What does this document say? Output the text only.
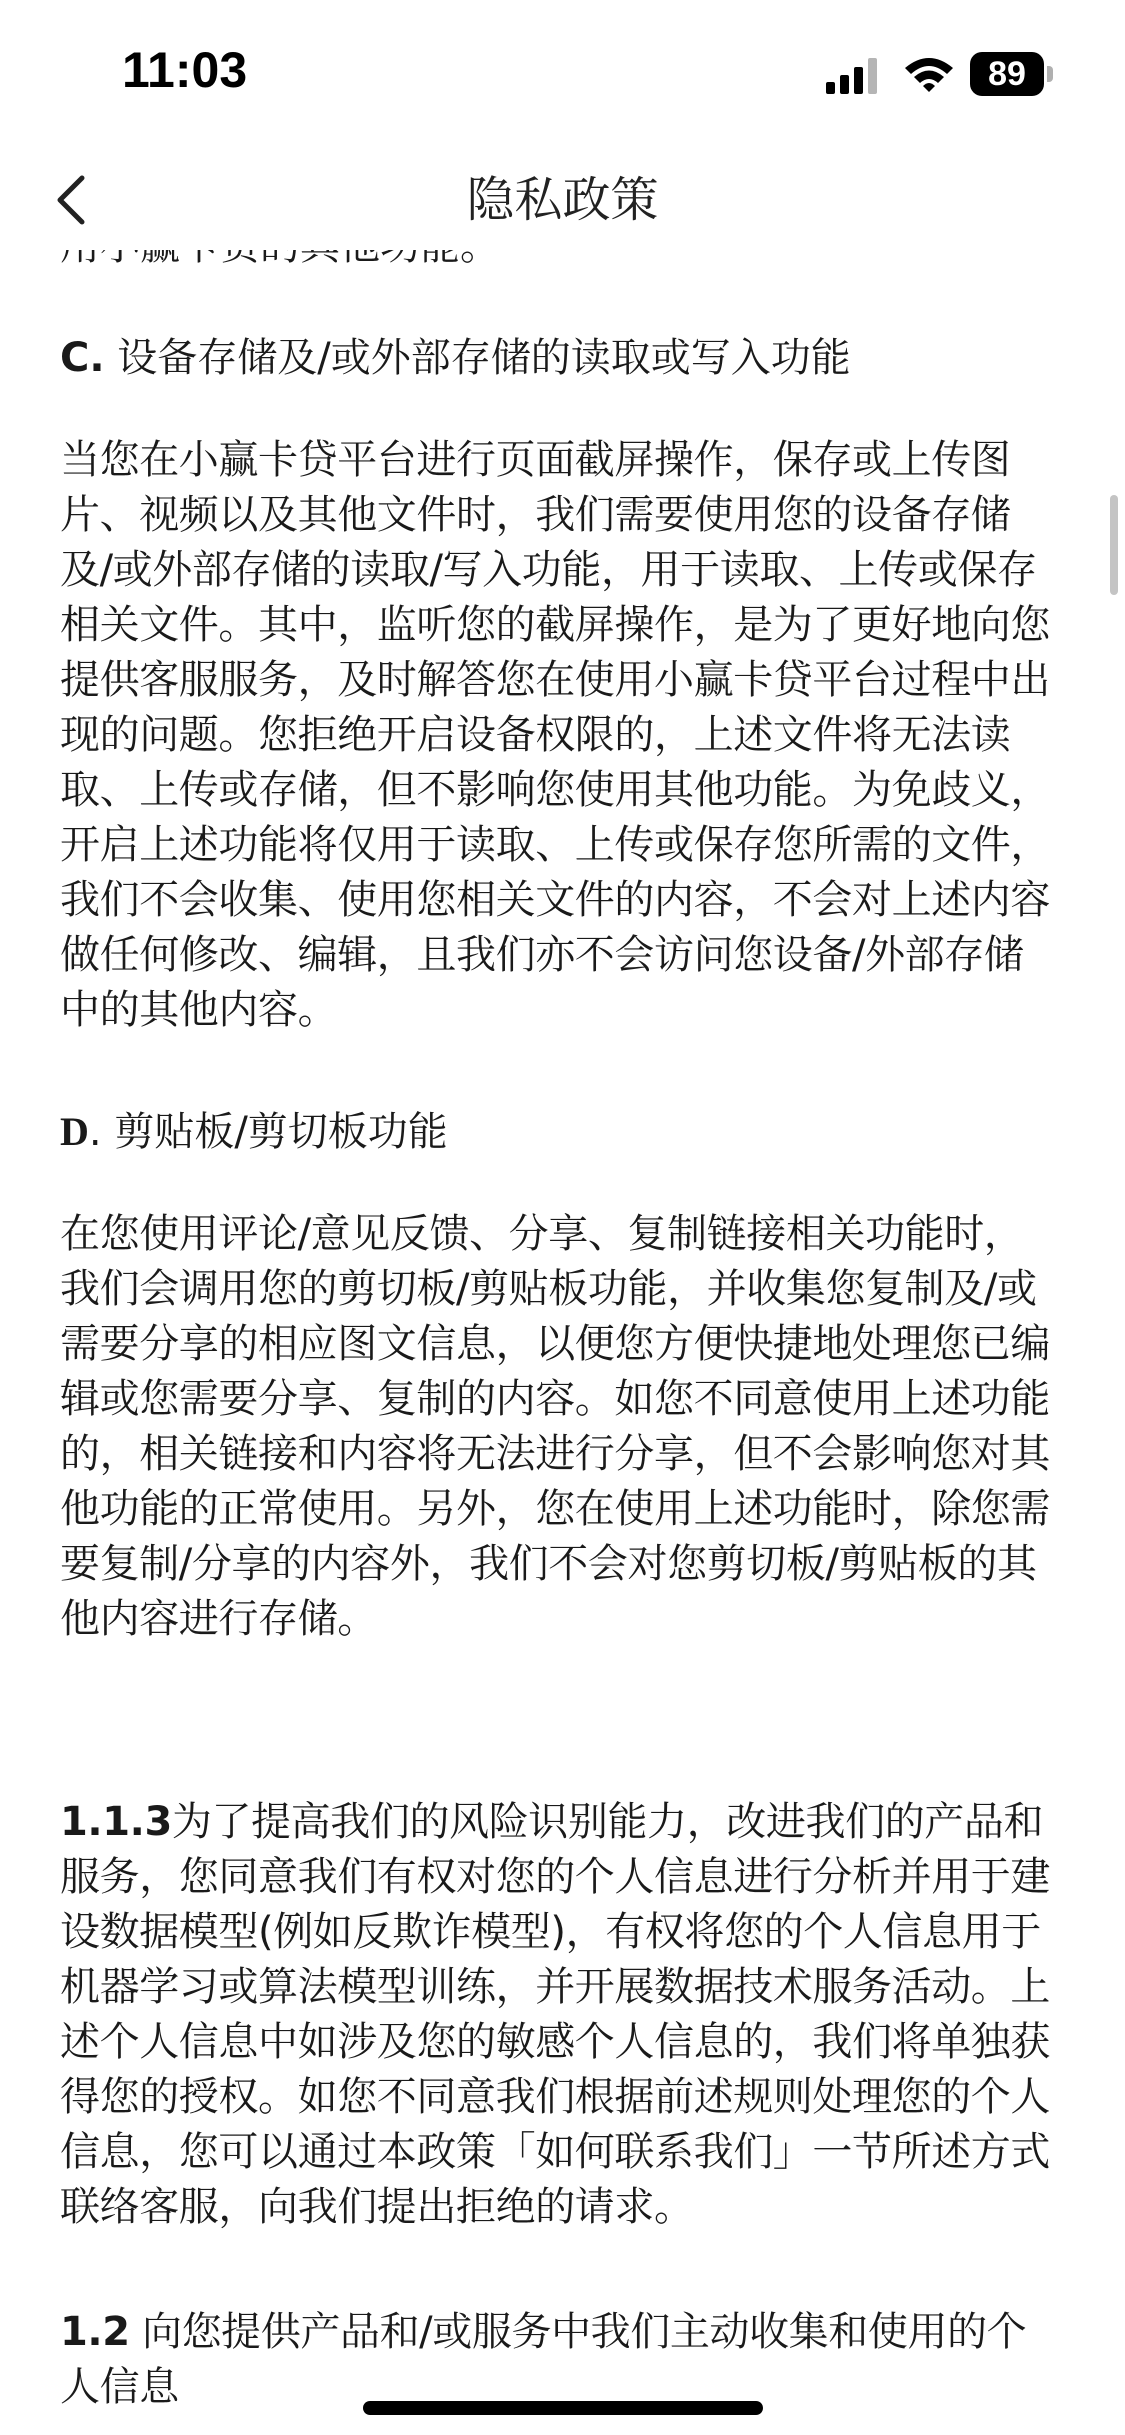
11:03	89
隐私政策
C. 设备存储及/或外部存储的读取或写入功能

当您在小赢卡贷平台进行页面截屏操作，保存或上传图

片、视频以及其他文件时，我们需要使用您的设备存储

及/或外部存储的读取/写入功能，用于读取、上传或保存

相关文件。其中，监听您的截屏操作，是为了更好地向您

提供客服服务，及时解答您在使用小赢卡贷平台过程中出

现的问题。您拒绝开启设备权限的，上述文件将无法读

取、上传或存储，但不影响您使用其他功能。为免歧义，

开启上述功能将仅用于读取、上传或保存您所需的文件，

我们不会收集、使用您相关文件的内容，不会对上述内容

做任何修改、编辑，且我们亦不会访问您设备/外部存储

中的其他内容。

D. 剪贴板/剪切板功能

在您使用评论/意见反馈、分享、复制链接相关功能时，

我们会调用您的剪切板/剪贴板功能，并收集您复制及/或

需要分享的相应图文信息，以便您方便快捷地处理您已编

辑或您需要分享、复制的内容。如您不同意使用上述功能

的，相关链接和内容将无法进行分享，但不会影响您对其

他功能的正常使用。另外，您在使用上述功能时，除您需

要复制/分享的内容外，我们不会对您剪切板/剪贴板的其

他内容进行存储。

1.1.3为了提高我们的风险识别能力，改进我们的产品和

服务，您同意我们有权对您的个人信息进行分析并用于建

设数据模型(例如反欺诈模型)，有权将您的个人信息用于

机器学习或算法模型训练，并开展数据技术服务活动。上

述个人信息中如涉及您的敏感个人信息的，我们将单独获

得您的授权。如您不同意我们根据前述规则处理您的个人

信息，您可以通过本政策「如何联系我们」一节所述方式

联络客服，向我们提出拒绝的请求。

1.2 向您提供产品和/或服务中我们主动收集和使用的个

人信息
